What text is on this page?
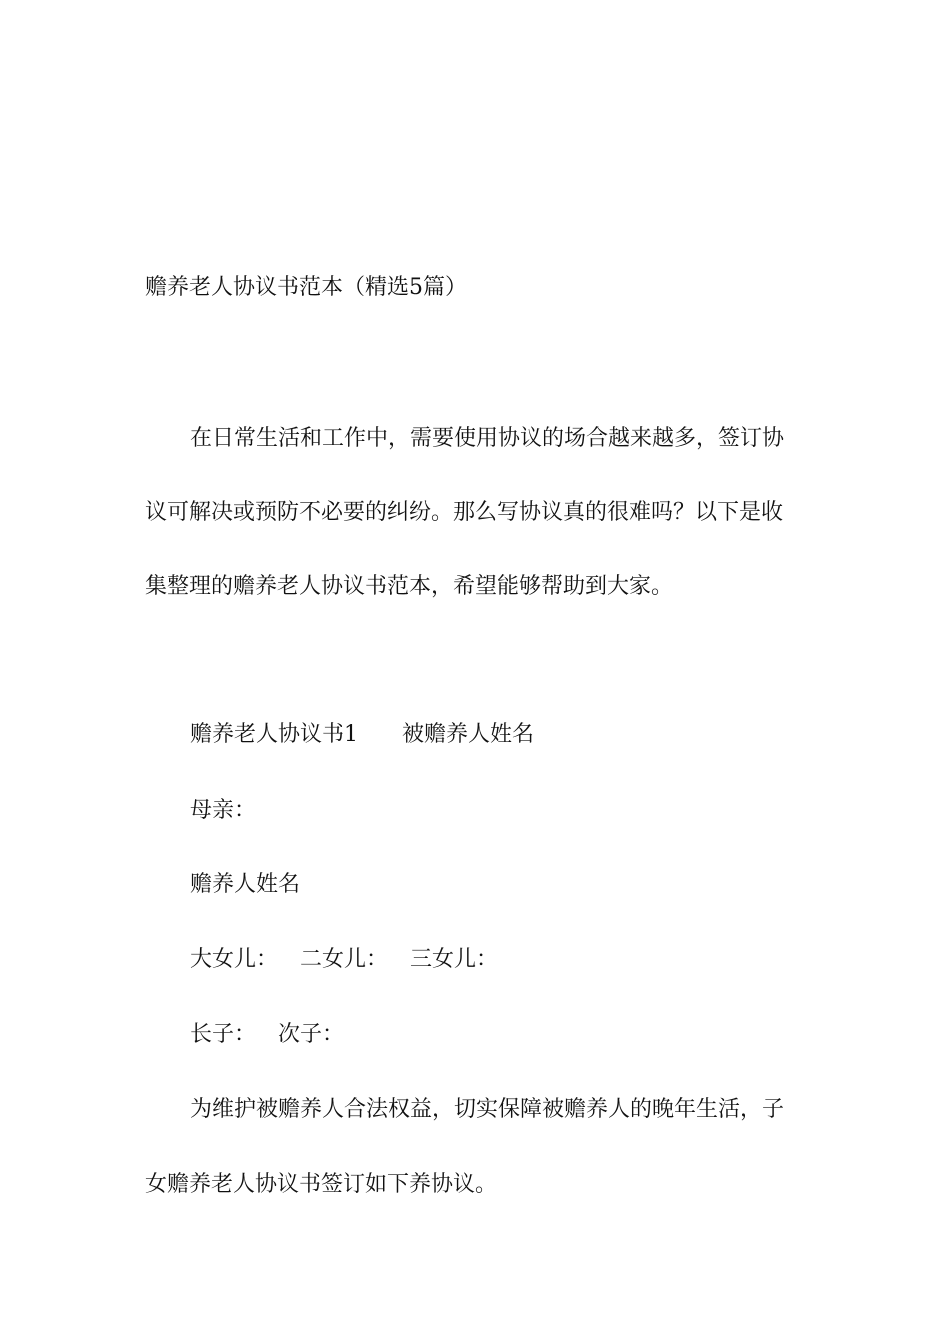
赡养老人协议书范本（精选5篇）
在日常生活和工作中，需要使用协议的场合越来越多，签订协
议可解决或预防不必要的纠纷。那么写协议真的很难吗？以下是收
集整理的赡养老人协议书范本，希望能够帮助到大家。
赡养老人协议书1 被赡养人姓名
母亲：
赡养人姓名
大女儿： 二女儿： 三女儿：
长子： 次子：
为维护被赡养人合法权益，切实保障被赡养人的晚年生活，子
女赡养老人协议书签订如下养协议。
